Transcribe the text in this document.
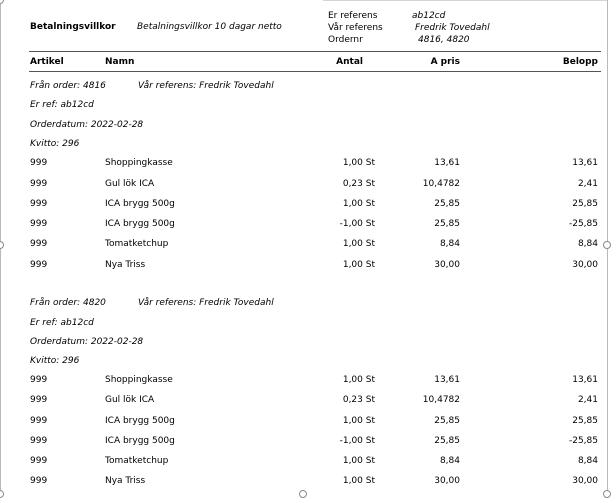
Betalningsvillkor Betalningsvillkor 10 dagar netto
Er referens	ab12cd
Vår referens	Fredrik Tovedahl
Ordernr	4816, 4820
Artikel	Namn	Antal	A pris	Belopp
Från order: 4816	Vår referens: Fredrik Tovedahl
Er ref: ab12cd
Orderdatum: 2022-02-28
Kvitto: 296
999	Shoppingkasse	1,00 St	13,61	13,61
999	Gul lök ICA	0,23 St	10,4782	2,41
999	ICA brygg 500g	1,00 St	25,85	25,85
999	ICA brygg 500g	-1,00 St	25,85	-25,85
999	Tomatketchup	1,00 St	8,84	8,84
999	Nya Triss	1,00 St	30,00	30,00
Från order: 4820	Vår referens: Fredrik Tovedahl
Er ref: ab12cd
Orderdatum: 2022-02-28
Kvitto: 296
999	Shoppingkasse	1,00 St	13,61	13,61
999	Gul lök ICA	0,23 St	10,4782	2,41
999	ICA brygg 500g	1,00 St	25,85	25,85
999	ICA brygg 500g	-1,00 St	25,85	-25,85
999	Tomatketchup	1,00 St	8,84	8,84
999	Nya Triss	1,00 St	30,00	30,00
